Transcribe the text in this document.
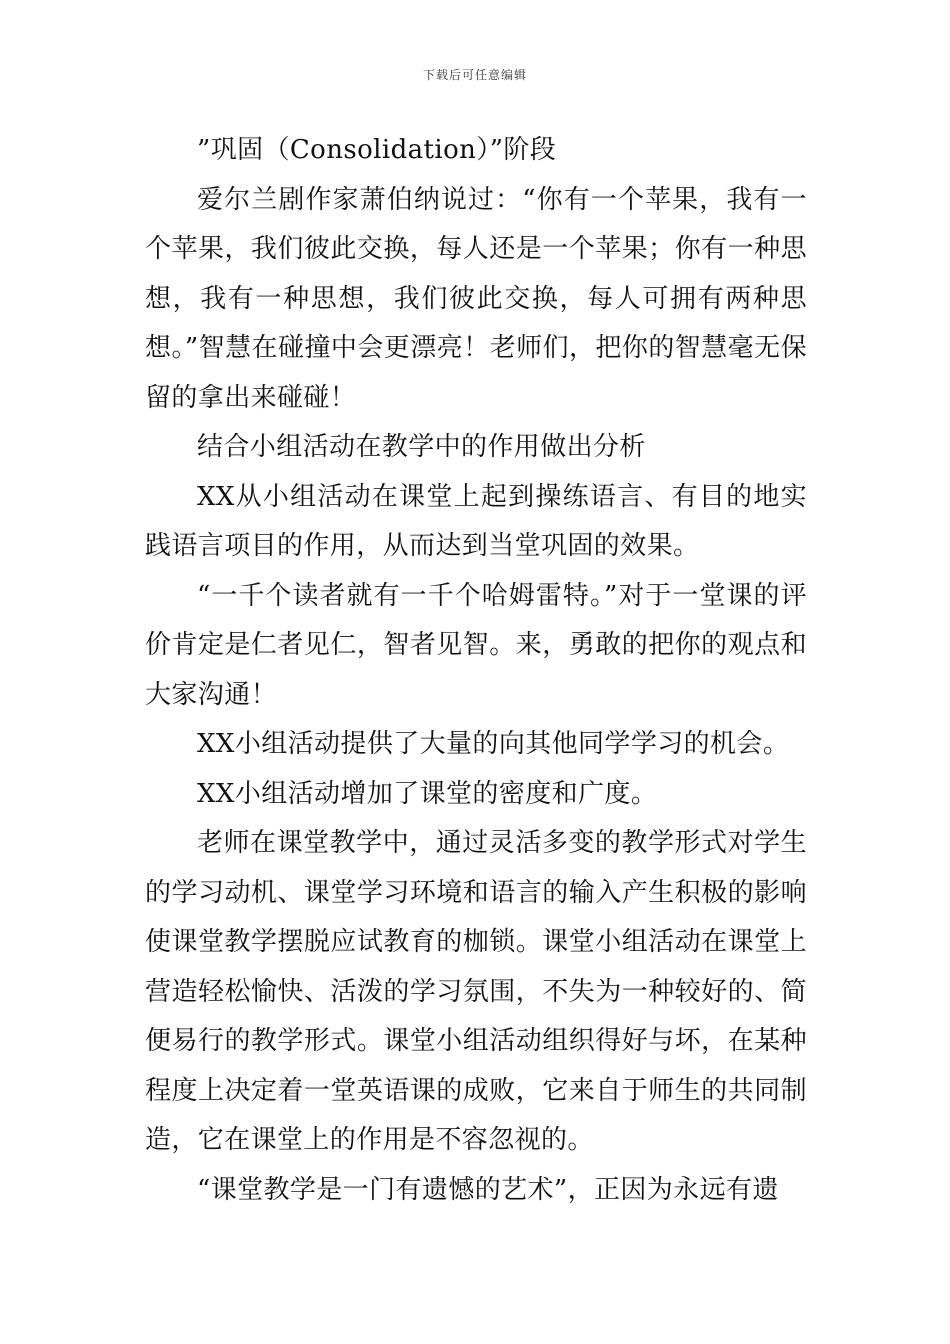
下载后可任意编辑

”巩固（Consolidation）”阶段

爱尔兰剧作家萧伯纳说过：“你有一个苹果，我有一个苹果，我们彼此交换，每人还是一个苹果；你有一种思想，我有一种思想，我们彼此交换，每人可拥有两种思想。”智慧在碰撞中会更漂亮！老师们，把你的智慧毫无保留的拿出来碰碰！

结合小组活动在教学中的作用做出分析

XX从小组活动在课堂上起到操练语言、有目的地实践语言项目的作用，从而达到当堂巩固的效果。

“一千个读者就有一千个哈姆雷特。”对于一堂课的评价肯定是仁者见仁，智者见智。来，勇敢的把你的观点和大家沟通！

XX小组活动提供了大量的向其他同学学习的机会。

XX小组活动增加了课堂的密度和广度。

老师在课堂教学中，通过灵活多变的教学形式对学生的学习动机、课堂学习环境和语言的输入产生积极的影响使课堂教学摆脱应试教育的枷锁。课堂小组活动在课堂上营造轻松愉快、活泼的学习氛围，不失为一种较好的、简便易行的教学形式。课堂小组活动组织得好与坏，在某种程度上决定着一堂英语课的成败，它来自于师生的共同制造，它在课堂上的作用是不容忽视的。

“课堂教学是一门有遗憾的艺术”，正因为永远有遗
